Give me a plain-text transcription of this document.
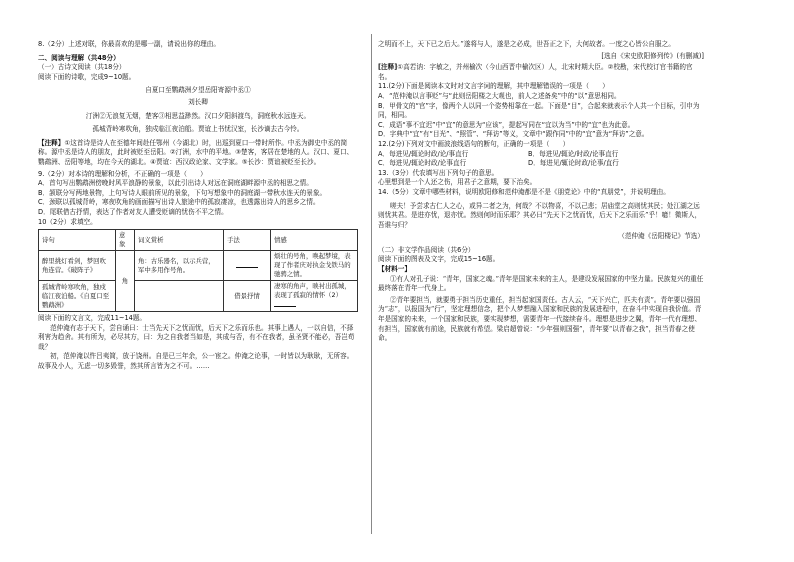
8.（2分）上述对联，你最喜欢的是哪一副，请说出你的理由。

二、阅读与理解（共48分）

（一）古诗文阅读（共18分）

阅读下面的诗歌，完成9~10题。

自夏口至鹦鹉洲夕望岳阳寄源中丞①

刘长卿

汀洲②无浪复无烟，楚客③相思益渺然。汉口夕阳斜渡鸟，洞庭秋水远连天。

孤城背岭寒吹角，独戍临江夜泊船。贾谊上书忧汉室，长沙谪去古今怜。

【注释】①这首诗是诗人在至德年间赴任鄂州（今湖北）时，出巡到夏口一带时所作。中丞为御史中丞的简称。源中丞是诗人的朋友，此时被贬至岳阳。②汀洲，水中的平地。③楚客，客居在楚地的人。汉口、夏口、鹦鹉洲、岳阳等地，均在今天的湖北。④贾谊：西汉政论家、文学家。⑤长沙：贾谊被贬至长沙。

9.（2分）对本诗的理解和分析，不正确的一项是（　　）

A．首句写出鹦鹉洲傍晚时风平浪静的景象，以此引出诗人对远在洞庭湖畔源中丞的相思之情。

B．颔联分写两地景物，上句写诗人眼前所见的景象，下句写想象中的洞庭湖一带秋水连天的景象。

C．颈联以孤城背岭，寒夜吹角的画面描写出诗人旅途中的孤寂凄凉，也透露出诗人的思乡之情。

D．尾联借古抒情，表达了作者对友人遭受贬谪的忧伤不平之情。

10（2分）求填空。

诗句	意象	词义赏析	手法	情感
醉里挑灯看剑，梦回吹角连营。《破阵子》	角	角：古乐器名，以示兵营，军中多用作号角。		烦壮的号角，唤起梦境，表现了作者庆对执金戈铁马的驰骋之情。
孤城背岭寒吹角，独戍临江夜泊船。《自夏口至鹦鹉洲》			借景抒情	凄寒的角声，映衬出孤城，表现了孤寂的情怀（2）

阅读下面的文言文，完成11~14题。

范仲淹有志于天下，尝自诵曰：士当先天下之忧而忧，后天下之乐而乐也。其事上遇人，一以自信，不择利害为趋舍。其有所为，必尽其方，曰：为之自我者当如是，其成与否，有不在我者，虽圣贤不能必，吾岂苟哉？

初，范仲淹以忤吕夷简，放于饶州。自是已三年余，公一宦之。仲淹之论事，一时皆以为耿耿，无所容。故事及小人，无虑一切多毁誉，然其所言皆为之不可。……

之明而不上，天下已之后大。”遂将与人，遂是之必成，世吾正之下，大何故者。一度之心皆公自服之。

[选自《宋史欧阳修列传》(有删减)]

[注释]①高若讷：字敏之，并州榆次（今山西晋中榆次区）人，北宋时期大臣。②校勘，宋代校订官书籍的官名。

11.(2分)下面是阅读本文时对文言字词的理解，其中理解错误的一项是（　　）

A．“范仲淹以言事贬”与“此则岳阳楼之大观也，前人之述备矣”中的“以”意思相同。

B．甲骨文的“官”字，像两个人以同一个姿势相靠在一起。下面是“目”，合起来就表示个人共一个目标，引申为同，相同。

C．成语“事不宜迟”中“宜”的意思为“应该”，提起写同在“宜以为当”中的“宜”也为此意。

D．字典中“宜”有“目光”、“照管”、“拜访”等义，文章中“跟作同”中的“宜”意为“拜访”之意。

12.(2分)下列对文中画波浪线语句的断句，正确的一项是（　　）

A．每进见/辄论时政/论/事直行	B．每进见/辄论/时政/论事直行

C．每进见/辄论时政/论事直行	D．每进见/辄论时政/论事/直行

13.（3分）代农填写出下列句子的意思。

心里想到是一个人还之伤，用君子之意期，要下治矣。

14.（5分）文章中哪些材料，说明欧阳修和范仲淹都是不是《朋党论》中的“真朋党”，并说明理由。

嗟夫！予尝求古仁人之心，或异二者之为，何哉？不以物喜，不以己悲；居庙堂之高则忧其民；处江湖之远则忧其君。是进亦忧，退亦忧。然则何时而乐耶？其必曰“先天下之忧而忧，后天下之乐而乐”乎！噫！微斯人，吾谁与归？

（范仲淹《岳阳楼记》节选）

（二）非文学作品阅读（共6分）

阅读下面的图表及文字，完成15~16题。

【材料一】

①有人对孔子说：“青年，国家之魂。”青年是国家未来的主人，是建设发展国家的中坚力量。民族复兴的重任最终落在青年一代身上。

②青年要担当，就要勇于担当历史重任，担当起家国责任。古人云，“天下兴亡，匹夫有责”。青年要以强国为“志”，以报国为“行”，坚定理想信念，把个人梦想融入国家和民族的发展进程中，在奋斗中实现自我价值。青年是国家的未来，一个国家和民族，要实现梦想，需要青年一代接续奋斗。理想是进步之翼，青年一代有理想、有担当，国家就有前途，民族就有希望。梁启超曾说：“少年强则国强”，青年要“以青春之我”，担当青春之使命。
